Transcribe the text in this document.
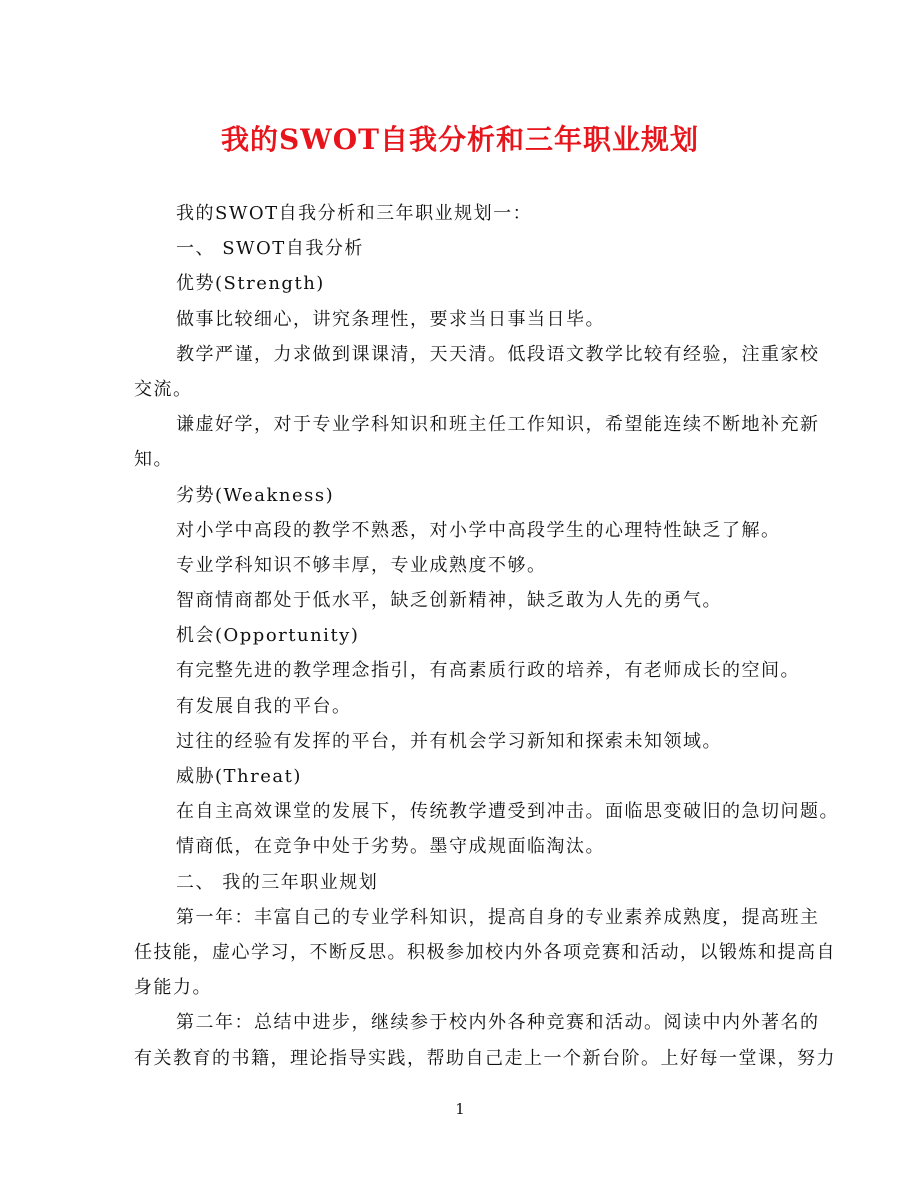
我的SWOT自我分析和三年职业规划
我的SWOT自我分析和三年职业规划一：
一、 SWOT自我分析
优势(Strength)
做事比较细心，讲究条理性，要求当日事当日毕。
教学严谨，力求做到课课清，天天清。低段语文教学比较有经验，注重家校
交流。
谦虚好学，对于专业学科知识和班主任工作知识，希望能连续不断地补充新
知。
劣势(Weakness)
对小学中高段的教学不熟悉，对小学中高段学生的心理特性缺乏了解。
专业学科知识不够丰厚，专业成熟度不够。
智商情商都处于低水平，缺乏创新精神，缺乏敢为人先的勇气。
机会(Opportunity)
有完整先进的教学理念指引，有高素质行政的培养，有老师成长的空间。
有发展自我的平台。
过往的经验有发挥的平台，并有机会学习新知和探索未知领域。
威胁(Threat)
在自主高效课堂的发展下，传统教学遭受到冲击。面临思变破旧的急切问题。
情商低，在竞争中处于劣势。墨守成规面临淘汰。
二、 我的三年职业规划
第一年：丰富自己的专业学科知识，提高自身的专业素养成熟度，提高班主
任技能，虚心学习，不断反思。积极参加校内外各项竞赛和活动，以锻炼和提高自
身能力。
第二年：总结中进步，继续参于校内外各种竞赛和活动。阅读中内外著名的
有关教育的书籍，理论指导实践，帮助自己走上一个新台阶。上好每一堂课，努力
1
